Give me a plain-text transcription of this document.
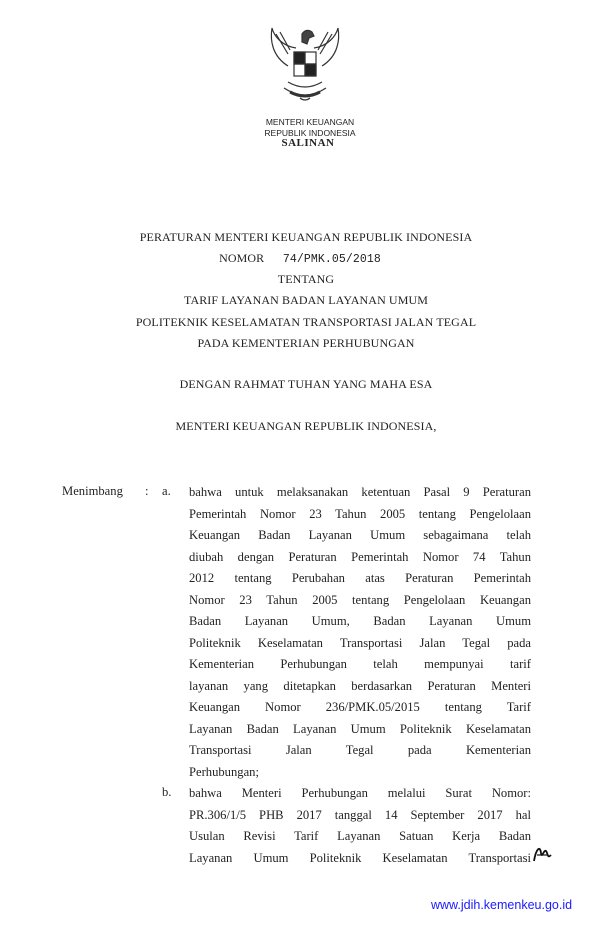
MENTERI KEUANGAN
REPUBLIK INDONESIA
SALINAN
PERATURAN MENTERI KEUANGAN REPUBLIK INDONESIA
NOMOR 74/PMK.05/2018
TENTANG
TARIF LAYANAN BADAN LAYANAN UMUM
POLITEKNIK KESELAMATAN TRANSPORTASI JALAN TEGAL
PADA KEMENTERIAN PERHUBUNGAN
DENGAN RAHMAT TUHAN YANG MAHA ESA
MENTERI KEUANGAN REPUBLIK INDONESIA,
Menimbang : a.
b.
bahwa untuk melaksanakan ketentuan Pasal 9 Peraturan
Pemerintah Nomor 23 Tahun 2005 tentang Pengelolaan
Keuangan Badan Layanan Umum sebagaimana telah
diubah dengan Peraturan Pemerintah Nomor 74 Tahun
2012 tentang Perubahan atas Peraturan Pemerintah
Nomor 23 Tahun 2005 tentang Pengelolaan Keuangan
Badan Layanan Umum, Badan Layanan Umum
Politeknik Keselamatan Transportasi Jalan Tegal pada
Kementerian Perhubungan telah mempunyai tarif
layanan yang ditetapkan berdasarkan Peraturan Menteri
Keuangan Nomor 236/PMK.05/2015 tentang Tarif
Layanan Badan Layanan Umum Politeknik Keselamatan
Transportasi Jalan Tegal pada Kementerian
Perhubungan;
bahwa Menteri Perhubungan melalui Surat Nomor:
PR.306/1/5 PHB 2017 tanggal 14 September 2017 hal
Usulan Revisi Tarif Layanan Satuan Kerja Badan
Layanan Umum Politeknik Keselamatan Transportasi
www.jdih.kemenkeu.go.id
